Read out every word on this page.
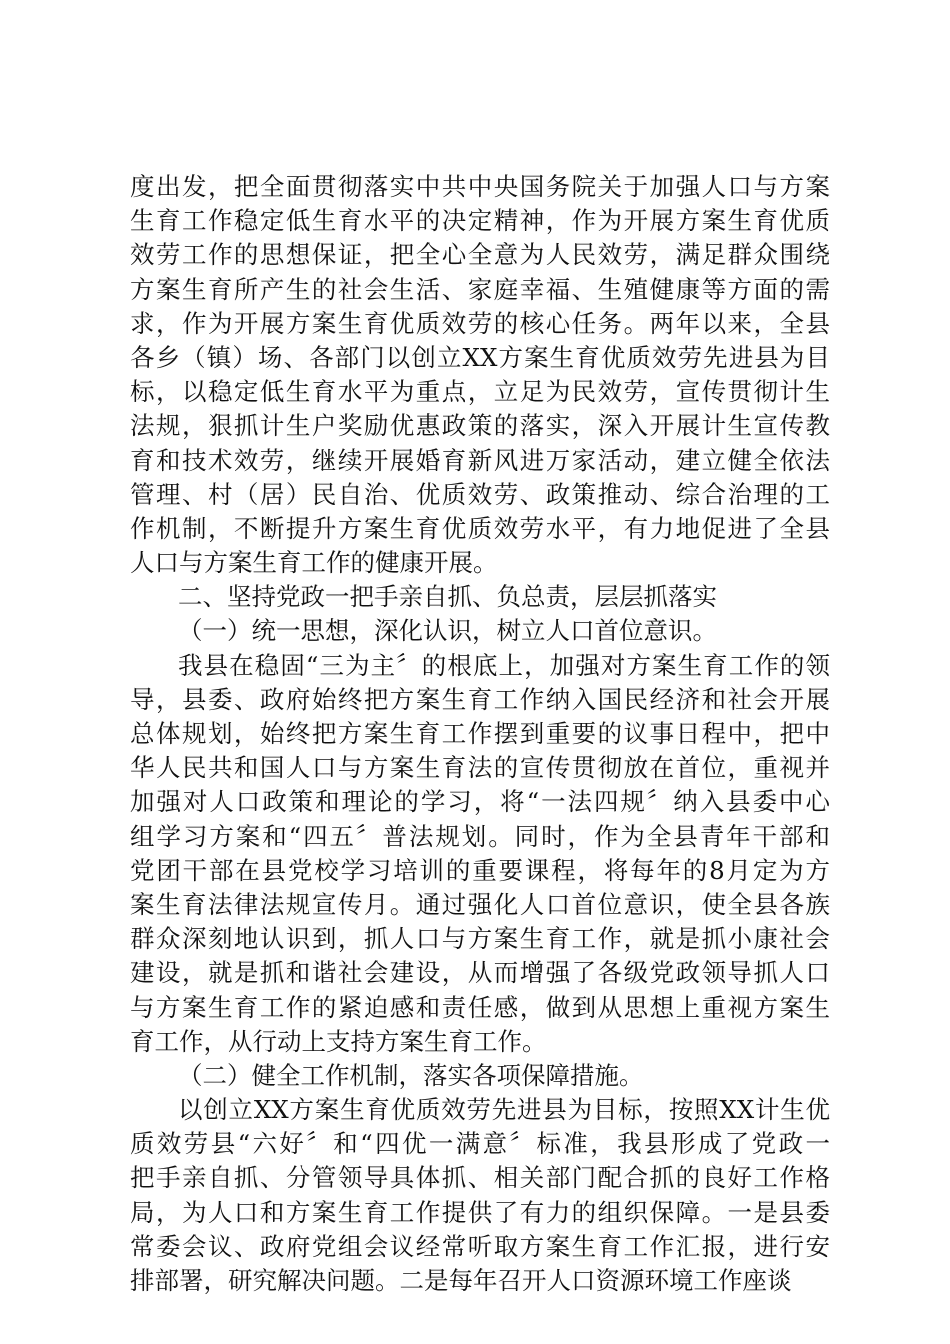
度出发，把全面贯彻落实中共中央国务院关于加强人口与方案
生育工作稳定低生育水平的决定精神，作为开展方案生育优质
效劳工作的思想保证，把全心全意为人民效劳，满足群众围绕
方案生育所产生的社会生活、家庭幸福、生殖健康等方面的需
求，作为开展方案生育优质效劳的核心任务。两年以来，全县
各乡（镇）场、各部门以创立XX方案生育优质效劳先进县为目
标，以稳定低生育水平为重点，立足为民效劳，宣传贯彻计生
法规，狠抓计生户奖励优惠政策的落实，深入开展计生宣传教
育和技术效劳，继续开展婚育新风进万家活动，建立健全依法
管理、村（居）民自治、优质效劳、政策推动、综合治理的工
作机制，不断提升方案生育优质效劳水平，有力地促进了全县
人口与方案生育工作的健康开展。
二、坚持党政一把手亲自抓、负总责，层层抓落实
（一）统一思想，深化认识，树立人口首位意识。
我县在稳固“三为主〞的根底上，加强对方案生育工作的领
导，县委、政府始终把方案生育工作纳入国民经济和社会开展
总体规划，始终把方案生育工作摆到重要的议事日程中，把中
华人民共和国人口与方案生育法的宣传贯彻放在首位，重视并
加强对人口政策和理论的学习，将“一法四规〞纳入县委中心
组学习方案和“四五〞普法规划。同时，作为全县青年干部和
党团干部在县党校学习培训的重要课程，将每年的8月定为方
案生育法律法规宣传月。通过强化人口首位意识，使全县各族
群众深刻地认识到，抓人口与方案生育工作，就是抓小康社会
建设，就是抓和谐社会建设，从而增强了各级党政领导抓人口
与方案生育工作的紧迫感和责任感，做到从思想上重视方案生
育工作，从行动上支持方案生育工作。
（二）健全工作机制，落实各项保障措施。
以创立XX方案生育优质效劳先进县为目标，按照XX计生优
质效劳县“六好〞和“四优一满意〞标准，我县形成了党政一
把手亲自抓、分管领导具体抓、相关部门配合抓的良好工作格
局，为人口和方案生育工作提供了有力的组织保障。一是县委
常委会议、政府党组会议经常听取方案生育工作汇报，进行安
排部署，研究解决问题。二是每年召开人口资源环境工作座谈
